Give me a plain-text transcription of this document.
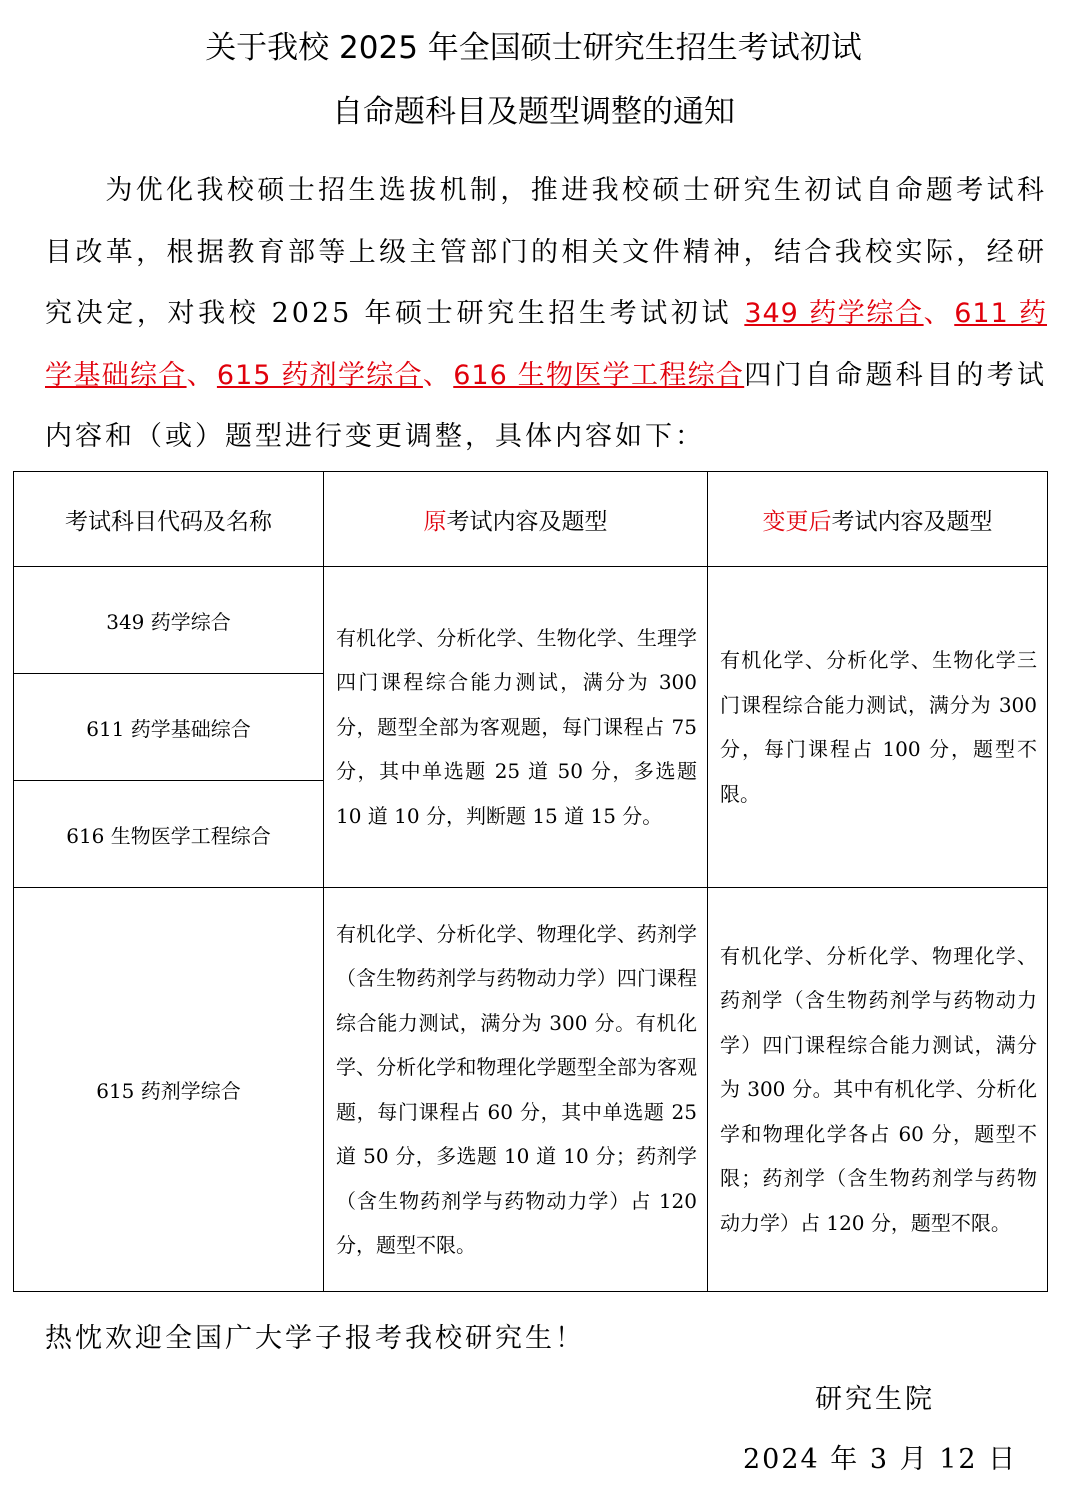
关于我校 2025 年全国硕士研究生招生考试初试
自命题科目及题型调整的通知

为优化我校硕士招生选拔机制，推进我校硕士研究生初试自命题考试科目改革，根据教育部等上级主管部门的相关文件精神，结合我校实际，经研究决定，对我校 2025 年硕士研究生招生考试初试 349 药学综合、611 药学基础综合、615 药剂学综合、616 生物医学工程综合四门自命题科目的考试内容和（或）题型进行变更调整，具体内容如下：

考试科目代码及名称	原考试内容及题型	变更后考试内容及题型
349 药学综合	有机化学、分析化学、生物化学、生理学四门课程综合能力测试，满分为 300 分，题型全部为客观题，每门课程占 75 分，其中单选题 25 道 50 分，多选题 10 道 10 分，判断题 15 道 15 分。	有机化学、分析化学、生物化学三门课程综合能力测试，满分为 300 分，每门课程占 100 分，题型不限。
611 药学基础综合		
616 生物医学工程综合		
615 药剂学综合	有机化学、分析化学、物理化学、药剂学（含生物药剂学与药物动力学）四门课程综合能力测试，满分为 300 分。有机化学、分析化学和物理化学题型全部为客观题，每门课程占 60 分，其中单选题 25 道 50 分，多选题 10 道 10 分；药剂学（含生物药剂学与药物动力学）占 120 分，题型不限。	有机化学、分析化学、物理化学、药剂学（含生物药剂学与药物动力学）四门课程综合能力测试，满分为 300 分。其中有机化学、分析化学和物理化学各占 60 分，题型不限；药剂学（含生物药剂学与药物动力学）占 120 分，题型不限。
热忱欢迎全国广大学子报考我校研究生！
研究生院
2024 年 3 月 12 日
